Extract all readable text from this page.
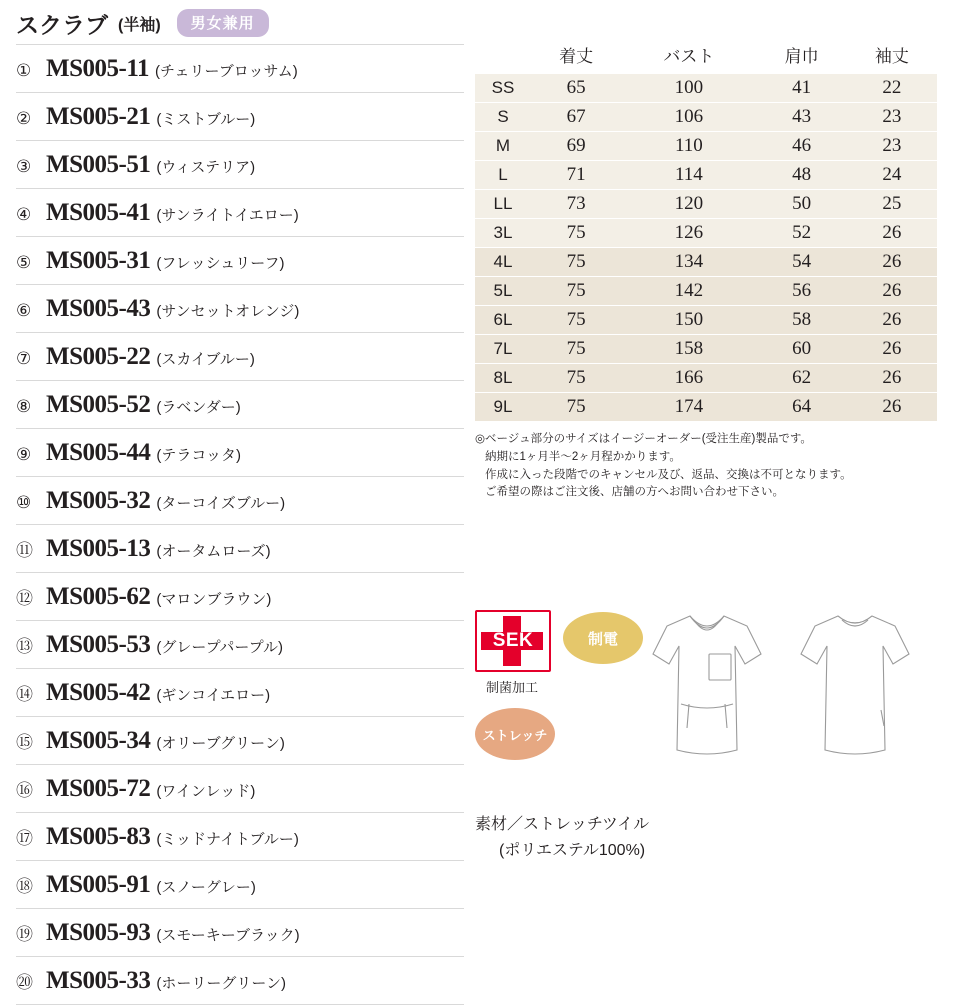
スクラブ (半袖)	男女兼用
① MS005-11 (チェリーブロッサム)
② MS005-21 (ミストブルー)
③ MS005-51 (ウィステリア)
④ MS005-41 (サンライトイエロー)
⑤ MS005-31 (フレッシュリーフ)
⑥ MS005-43 (サンセットオレンジ)
⑦ MS005-22 (スカイブルー)
⑧ MS005-52 (ラベンダー)
⑨ MS005-44 (テラコッタ)
⑩ MS005-32 (ターコイズブルー)
⑪ MS005-13 (オータムローズ)
⑫ MS005-62 (マロンブラウン)
⑬ MS005-53 (グレープパープル)
⑭ MS005-42 (ギンコイエロー)
⑮ MS005-34 (オリーブグリーン)
⑯ MS005-72 (ワインレッド)
⑰ MS005-83 (ミッドナイトブルー)
⑱ MS005-91 (スノーグレー)
⑲ MS005-93 (スモーキーブラック)
⑳ MS005-33 (ホーリーグリーン)
	着丈	バスト	肩巾	袖丈
SS	65	100	41	22
S	67	106	43	23
M	69	110	46	23
L	71	114	48	24
LL	73	120	50	25
3L	75	126	52	26
4L	75	134	54	26
5L	75	142	56	26
6L	75	150	58	26
7L	75	158	60	26
8L	75	166	62	26
9L	75	174	64	26
◎ベージュ部分のサイズはイージーオーダー(受注生産)製品です。
納期に1ヶ月半〜2ヶ月程かかります。
作成に入った段階でのキャンセル及び、返品、交換は不可となります。
ご希望の際はご注文後、店舗の方へお問い合わせ下さい。
SEK
制菌加工
制電
ストレッチ
素材／ストレッチツイル
(ポリエステル100%)
